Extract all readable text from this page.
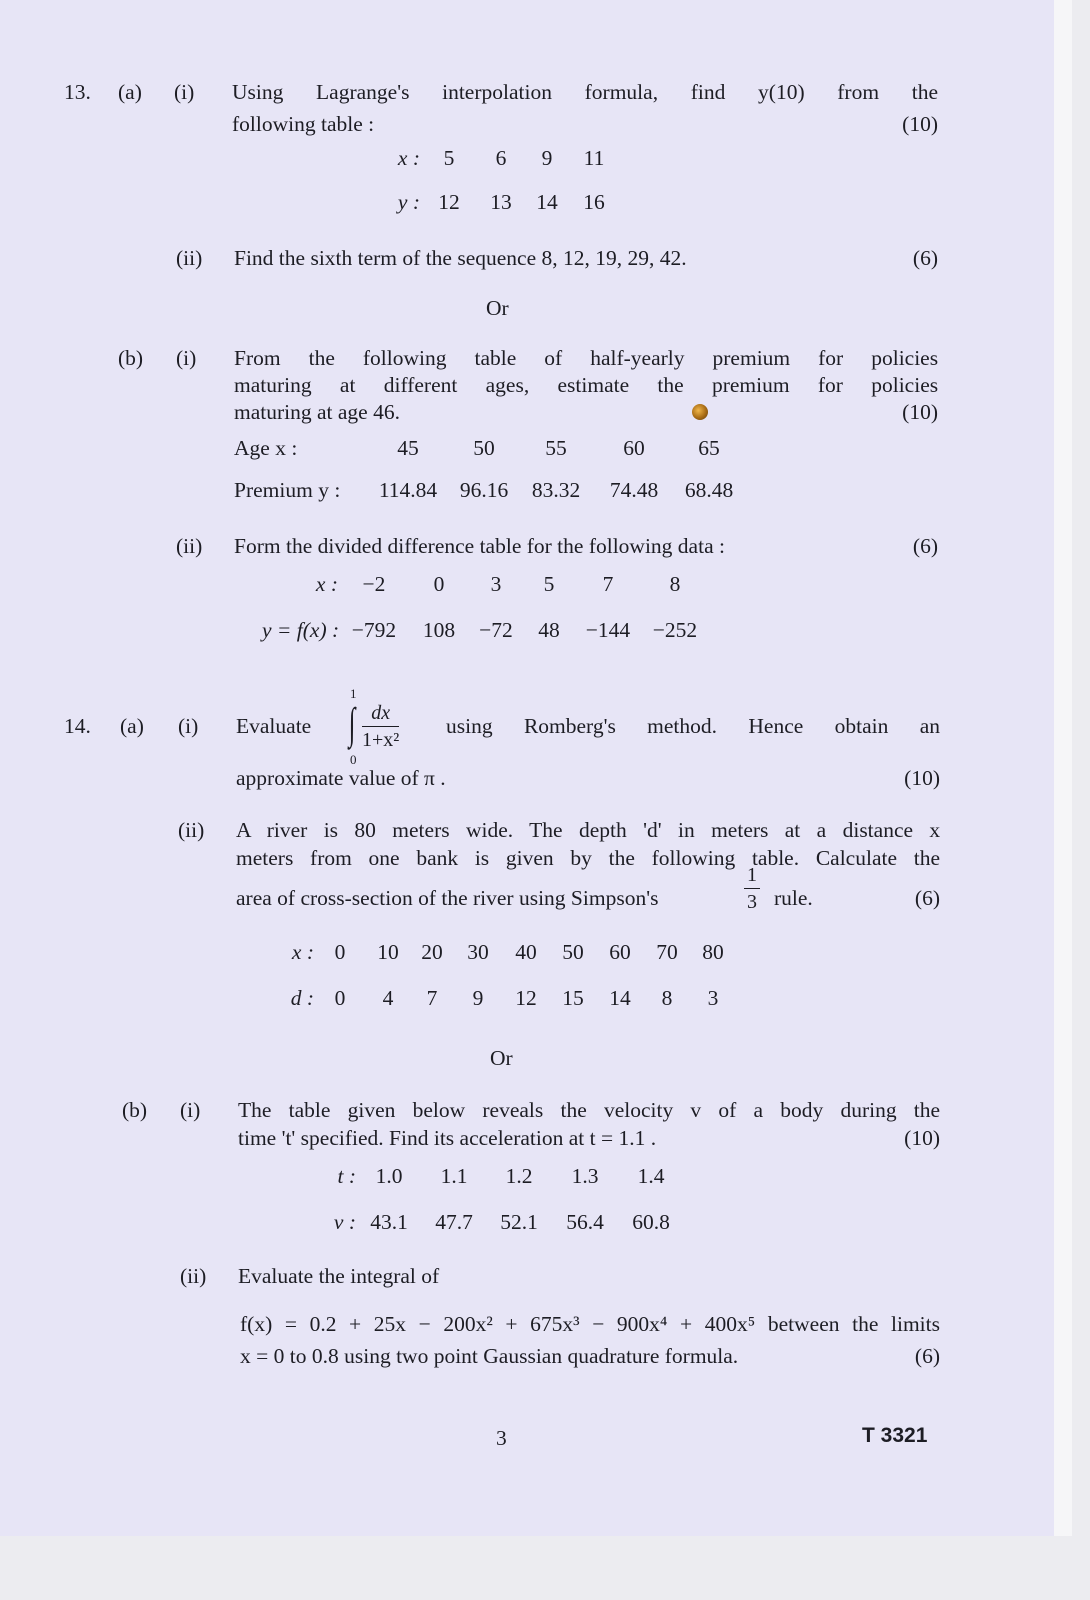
13. (a) (i) Using Lagrange's interpolation formula, find y(10) from the
following table :	(10)
x :	5	6	9	11
y : 12	13	14	16
(ii) Find the sixth term of the sequence 8, 12, 19, 29, 42.	(6)
Or
(b) (i) From the following table of half-yearly premium for policies
maturing at different ages, estimate the premium for policies
maturing at age 46.	(10)
Age x :	45	50	55	60	65
Premium y :	114.84	96.16	83.32	74.48	68.48
(ii) Form the divided difference table for the following data :	(6)
x :	−2	0	3	5	7	8
y = f(x) : −792	108	−72	48	−144	−252
14. (a) (i) Evaluate
1
∫
0
$\frac{dx}{\text{1+x²}}$ using Romberg's method. Hence obtain an
approximate value of π .	(10)
(ii) A river is 80 meters wide. The depth 'd' in meters at a distance x
meters from one bank is given by the following table. Calculate the
area of cross-section of the river using Simpson's	$\frac{1}{3}$ rule.	(6)
x : 0	10	20	30	40	50	60	70	80
d : 0	4	7	9	12	15	14	8	3
Or
(b) (i) The table given below reveals the velocity v of a body during the
time 't' specified. Find its acceleration at t = 1.1 .	(10)
t : 1.0	1.1	1.2	1.3	1.4
v : 43.1	47.7	52.1	56.4	60.8
(ii) Evaluate the integral of
f(x) = 0.2 + 25x − 200x² + 675x³ − 900x⁴ + 400x⁵ between the limits
x = 0 to 0.8 using two point Gaussian quadrature formula.	(6)
3	T 3321
